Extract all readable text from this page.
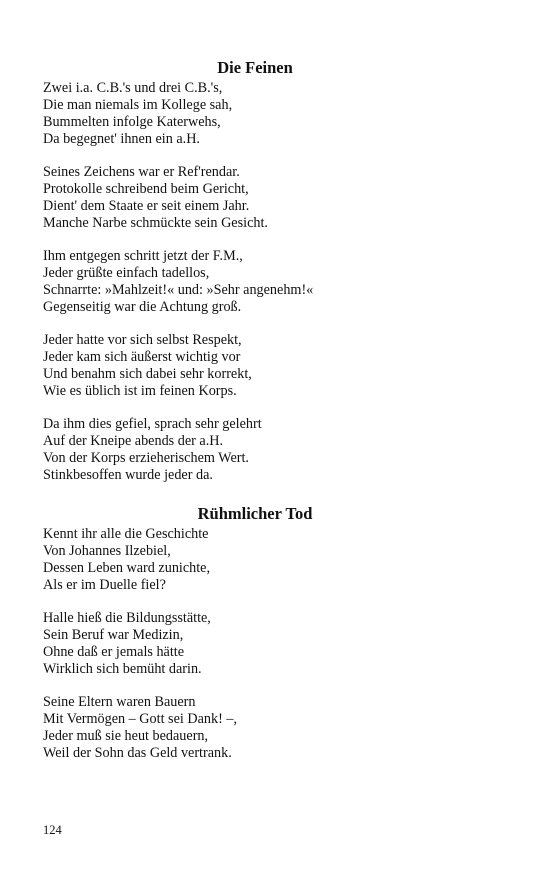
Die Feinen
Zwei i.a. C.B.'s und drei C.B.'s,
Die man niemals im Kollege sah,
Bummelten infolge Katerwehs,
Da begegnet' ihnen ein a.H.
Seines Zeichens war er Ref'rendar.
Protokolle schreibend beim Gericht,
Dient' dem Staate er seit einem Jahr.
Manche Narbe schmückte sein Gesicht.
Ihm entgegen schritt jetzt der F.M.,
Jeder grüßte einfach tadellos,
Schnarrte: »Mahlzeit!« und: »Sehr angenehm!«
Gegenseitig war die Achtung groß.
Jeder hatte vor sich selbst Respekt,
Jeder kam sich äußerst wichtig vor
Und benahm sich dabei sehr korrekt,
Wie es üblich ist im feinen Korps.
Da ihm dies gefiel, sprach sehr gelehrt
Auf der Kneipe abends der a.H.
Von der Korps erzieherischem Wert.
Stinkbesoffen wurde jeder da.
Rühmlicher Tod
Kennt ihr alle die Geschichte
Von Johannes Ilzebiel,
Dessen Leben ward zunichte,
Als er im Duelle fiel?
Halle hieß die Bildungsstätte,
Sein Beruf war Medizin,
Ohne daß er jemals hätte
Wirklich sich bemüht darin.
Seine Eltern waren Bauern
Mit Vermögen – Gott sei Dank! –,
Jeder muß sie heut bedauern,
Weil der Sohn das Geld vertrank.
124
